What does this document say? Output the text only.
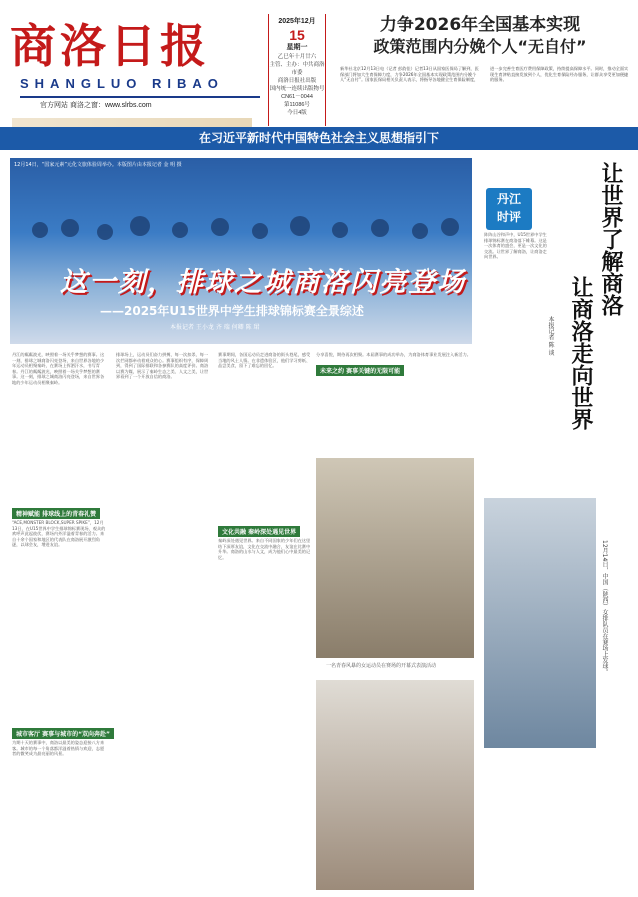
商洛日报
SHANGLUO RIBAO
官方网站 商洛之窗：www.slrbs.com
2025年12月
15
星期一
乙巳年十月廿六
主管、主办：中共商洛市委
商洛日报社出版
国内统一连续出版物号
CN61－0044
第11086号
今日4版
力争2026年全国基本实现
政策范围内分娩个人“无自付”
新华社北京12月13日电（记者 彭韵佳）记者13日从国家医保局了解到，医保部门将加大生育保障力度，力争2026年全国基本实现政策范围内分娩个人“无自付”。国家医保局相关负责人表示，将指导各地健全生育保险制度，进一步完善生育医疗费用保障政策，持续提高保障水平。同时，推动全面实现生育津贴直接发放到个人，优化生育保险经办服务，让群众享受更加便捷的服务。
在习近平新时代中国特色社会主义思想指引下
12月14日，“国家元素”元化文旅体验周举办。本版图片由本报记者 金 明 摄
这一刻，排球之城商洛闪亮登场
——2025年U15世界中学生排球锦标赛全景综述
本报记者 王小龙 齐 瑞 何卿 陈 珺
丹江的粼粼波光，映照着一场关乎梦想的赛事。这一刻，排球之城商洛闪亮登场，来自世界各地的少年运动员相聚秦岭，在赛场上挥洒汗水，书写青春。丹江的粼粼波光，映照着一场关乎梦想的赛事。这一刻，排球之城商洛闪亮登场，来自世界各地的少年运动员相聚秦岭。
精神赋能 排球线上的青春礼赞
“ACE,MONSTER BLOCK,SUPER SPIKE”，12月13日，在U15世界中学生排球锦标赛现场，观众的欢呼声此起彼伏，赛场内外洋溢着青春的活力。来自十余个国家和地区的代表队在商洛展开激烈角逐，以球会友，增进友谊。
城市客厅 赛事与城市的“双向奔赴”
为期十天的赛事中，商洛以最美的姿态迎接八方来客。城市的每一个角落都洋溢着热情与欢迎，志愿者的微笑成为最亮丽的风景。
排球场上，运动员们奋力拼搏，每一次扣杀、每一次拦网都牵动着观众的心。赛事组织有序，保障周到，得到了国际排联和各参赛队的高度评价。商洛以赛为媒，展示了秦岭生态之美、人文之美，让世界看到了一个开放自信的商洛。
赛事期间，各国运动员走进商洛的街头巷尾，感受当地的风土人情。在非遗体验区，他们学习剪纸、品尝美食，留下了难忘的回忆。
文化共融 秦岭深处遇见世界
秦岭深处遇见世界。来自不同国家的少年们在这里结下深厚友谊，文化在交流中融合，友谊在比赛中升华。商洛的山水与人文，成为他们心中最美的记忆。
分享喜悦，期待再次相聚。本届赛事的成功举办，为商洛体育事业发展注入新活力。
未来之约 赛事关键的无限可能
一名青春风暴的女运动员在赛场的开幕式表演活动
丹江
时评	让世界了解商洛
让商洛走向世界
本报记者 陈 谈
阵阵山谷和声中，U15世界中学生排球锦标赛在商洛落下帷幕。这是一次体育的盛会，更是一次文化的交流。让世界了解商洛，让商洛走向世界。
12月14日，中国（陕西）女排队员在赛场上发球。
